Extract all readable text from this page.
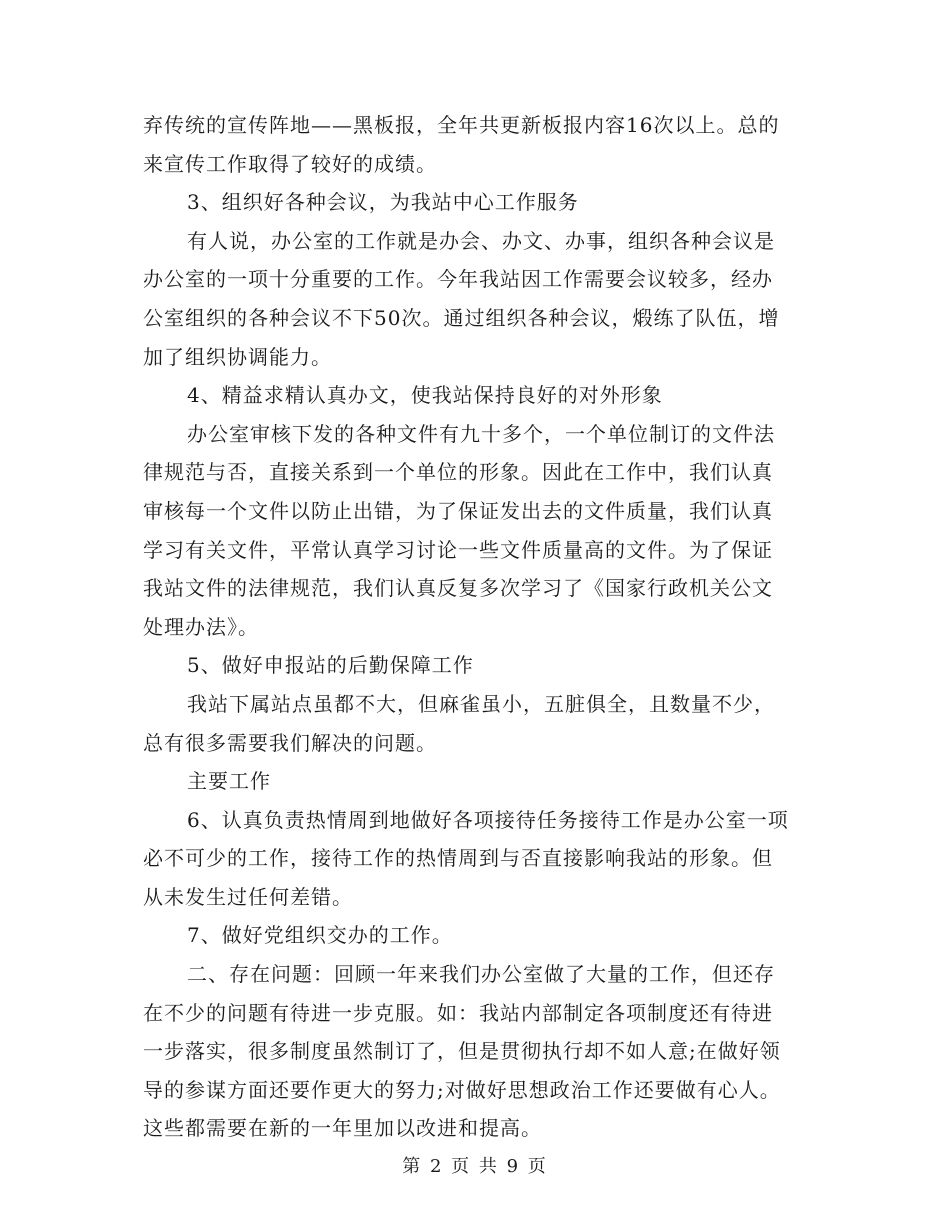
弃传统的宣传阵地——黑板报，全年共更新板报内容16次以上。总的
来宣传工作取得了较好的成绩。
3、组织好各种会议，为我站中心工作服务
有人说，办公室的工作就是办会、办文、办事，组织各种会议是
办公室的一项十分重要的工作。今年我站因工作需要会议较多，经办
公室组织的各种会议不下50次。通过组织各种会议，煅练了队伍，增
加了组织协调能力。
4、精益求精认真办文，使我站保持良好的对外形象
办公室审核下发的各种文件有九十多个，一个单位制订的文件法
律规范与否，直接关系到一个单位的形象。因此在工作中，我们认真
审核每一个文件以防止出错，为了保证发出去的文件质量，我们认真
学习有关文件，平常认真学习讨论一些文件质量高的文件。为了保证
我站文件的法律规范，我们认真反复多次学习了《国家行政机关公文
处理办法》。
5、做好申报站的后勤保障工作
我站下属站点虽都不大，但麻雀虽小，五脏俱全，且数量不少，
总有很多需要我们解决的问题。
主要工作
6、认真负责热情周到地做好各项接待任务接待工作是办公室一项
必不可少的工作，接待工作的热情周到与否直接影响我站的形象。但
从未发生过任何差错。
7、做好党组织交办的工作。
二、存在问题：回顾一年来我们办公室做了大量的工作，但还存
在不少的问题有待进一步克服。如：我站内部制定各项制度还有待进
一步落实，很多制度虽然制订了，但是贯彻执行却不如人意;在做好领
导的参谋方面还要作更大的努力;对做好思想政治工作还要做有心人。
这些都需要在新的一年里加以改进和提高。
第 2 页 共 9 页
